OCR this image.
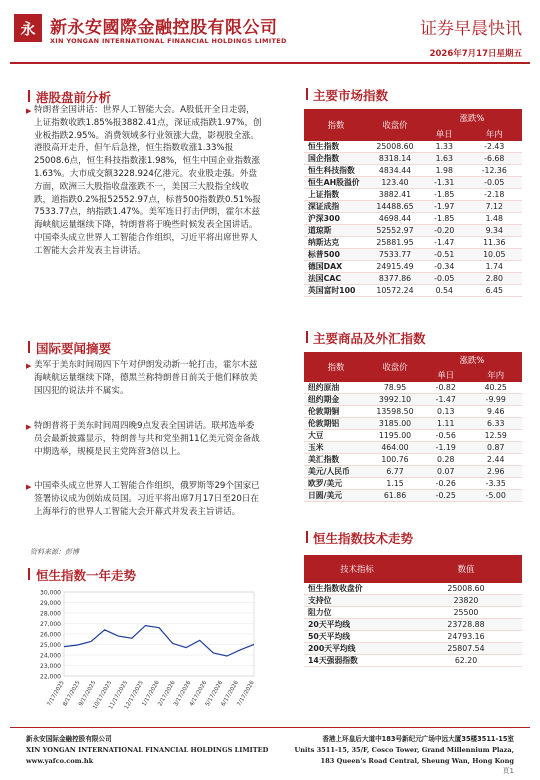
永 新永安國際金融控股有限公司
XIN YONGAN INTERNATIONAL FINANCIAL HOLDINGS LIMITED
证券早晨快讯
2026年7月17日星期五
港股盘前分析
▶ 特朗普全国讲话：世界人工智能大会。A股低开全日走弱，上证指数收跌1.85%报3882.41点，深证成指跌1.97%，创业板指跌2.95%。消费领域多行业领涨大盘，影视股全涨。港股高开走升，但午后急挫，恒生指数收涨1.33%报25008.6点，恒生科技指数涨1.98%，恒生中国企业指数涨1.63%。大市成交额3228.924亿港元。农业股走强。外盘方面，欧洲三大股指收盘涨跌不一，美国三大股指全线收跌，道指跌0.2%报52552.97点，标普500指数跌0.51%报7533.77点，纳指跌1.47%。美军连日打击伊朗，霍尔木兹海峡航运量继续下降，特朗普将于晚些时候发表全国讲话。中国牵头成立世界人工智能合作组织，习近平将出席世界人工智能大会并发表主旨讲话。
国际要闻摘要
▶ 美军于美东时间周四下午对伊朗发动新一轮打击，霍尔木兹海峡航运量继续下降，德黑兰称特朗普日前关于他们释放美国囚犯的说法并不属实。
▶ 特朗普将于美东时间周四晚9点发表全国讲话。联邦选举委员会最新披露显示，特朗普与共和党坐拥11亿美元资金备战中期选举，规模是民主党阵营3倍以上。
▶ 中国牵头成立世界人工智能合作组织，俄罗斯等29个国家已签署协议成为创始成员国。习近平将出席7月17日至20日在上海举行的世界人工智能大会开幕式并发表主旨讲话。
资料来源：彭博
恒生指数一年走势
22,000
23,000
24,000
25,000
26,000
27,000
28,000
29,000
30,000
7/17/2025
8/17/2025
9/17/2025
10/17/2025
11/17/2025
12/17/2025
1/17/2026
2/17/2026
3/17/2026
4/17/2026
5/17/2026
6/17/2026
7/17/2026
主要市场指数
指数	收盘价	涨跌%	
		单日	年内
恒生指数	25008.60	1.33	-2.43
国企指数	8318.14	1.63	-6.68
恒生科技指数	4834.44	1.98	-12.36
恒生AH股溢价	123.40	-1.31	-0.05
上证指数	3882.41	-1.85	-2.18
深证成指	14488.65	-1.97	7.12
沪深300	4698.44	-1.85	1.48
道琼斯	52552.97	-0.20	9.34
纳斯达克	25881.95	-1.47	11.36
标普500	7533.77	-0.51	10.05
德国DAX	24915.49	-0.34	1.74
法国CAC	8377.86	-0.05	2.80
英国富时100	10572.24	0.54	6.45
主要商品及外汇指数
指数	收盘价	涨跌%	
		单日	年内
纽约原油	78.95	-0.82	40.25
纽约期金	3992.10	-1.47	-9.99
伦敦期铜	13598.50	0.13	9.46
伦敦期铝	3185.00	1.11	6.33
大豆	1195.00	-0.56	12.59
玉米	464.00	-1.19	0.87
美汇指数	100.76	0.28	2.44
美元/人民币	6.77	0.07	2.96
欧罗/美元	1.15	-0.26	-3.35
日圆/美元	61.86	-0.25	-5.00
恒生指数技术走势
技术指标	数值
恒生指数收盘价	25008.60
支持位	23820
阻力位	25500
20天平均线	23728.88
50天平均线	24793.16
200天平均线	25807.54
14天强弱指数	62.20
新永安国际金融控股有限公司
XIN YONGAN INTERNATIONAL FINANCIAL HOLDINGS LIMITED
www.yafco.com.hk
香港上环皇后大道中183号新纪元广场中远大厦35楼3511-15室
Units 3511-15, 35/F, Cosco Tower, Grand Millennium Plaza,
183 Queen's Road Central, Sheung Wan, Hong Kong
頁1
